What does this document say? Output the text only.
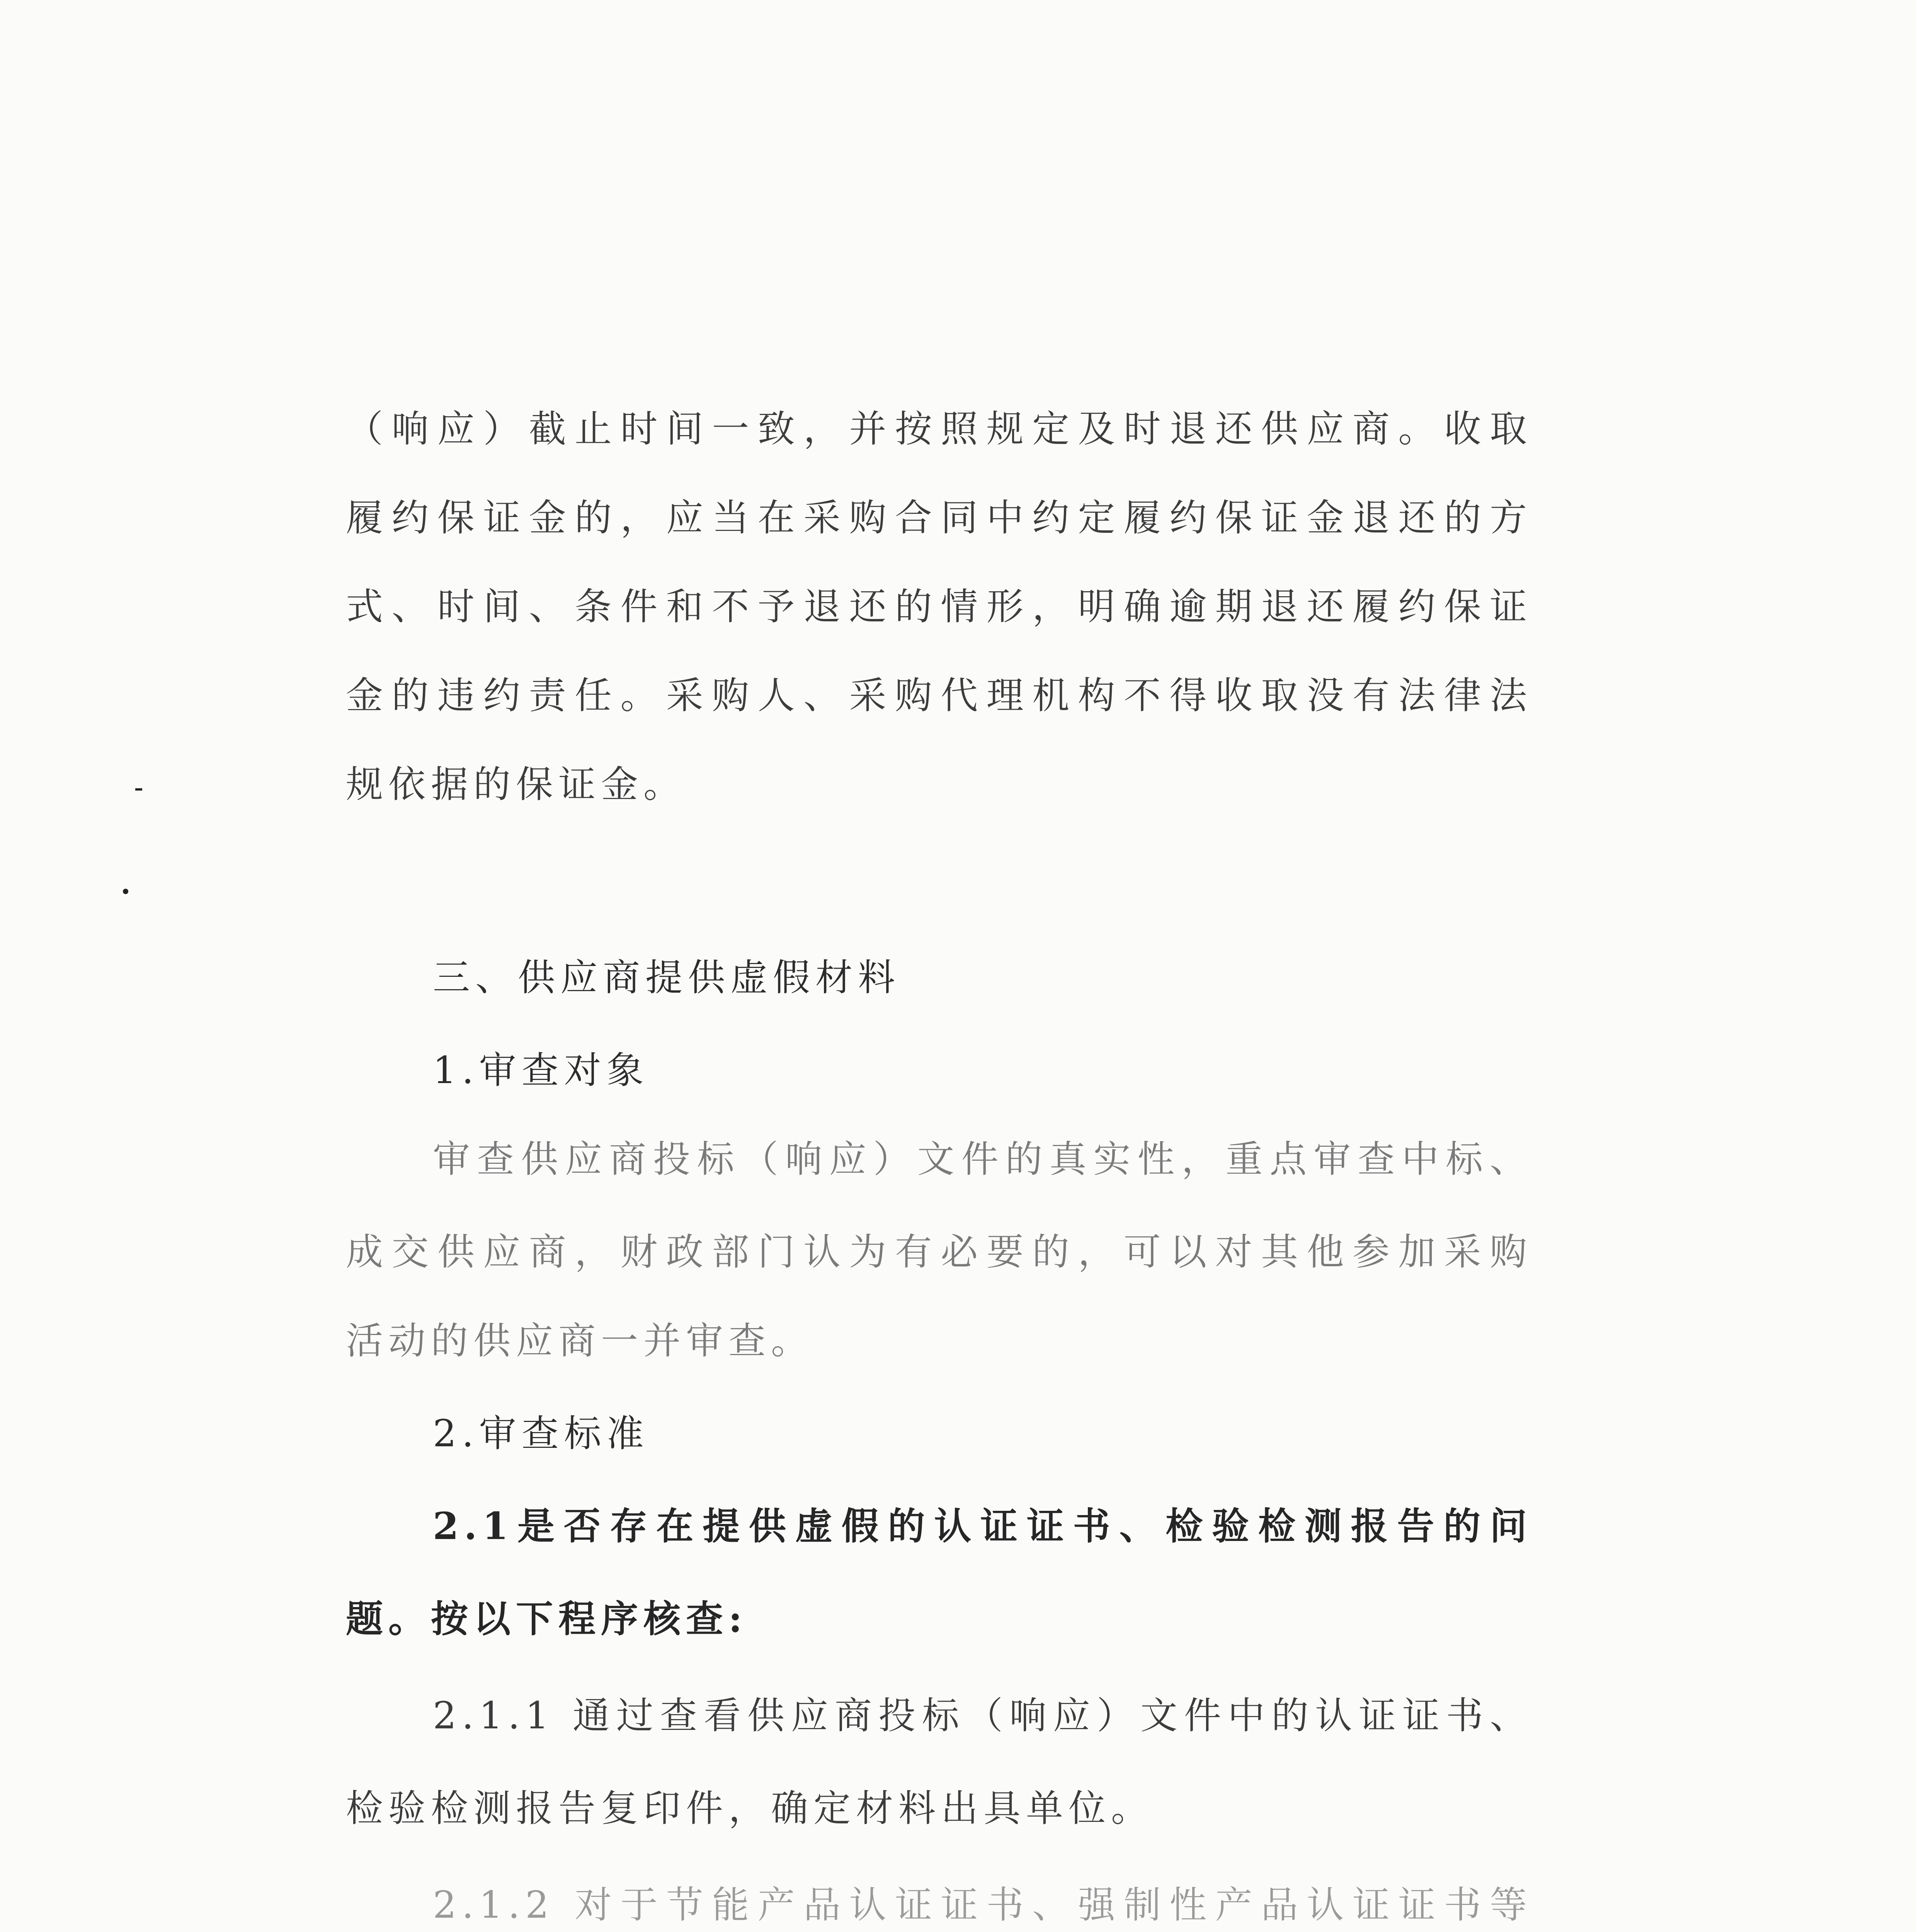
（响应）截止时间一致，并按照规定及时退还供应商。收取
履约保证金的，应当在采购合同中约定履约保证金退还的方
式、时间、条件和不予退还的情形，明确逾期退还履约保证
金的违约责任。采购人、采购代理机构不得收取没有法律法
规依据的保证金。
三、供应商提供虚假材料
1.审查对象
审查供应商投标（响应）文件的真实性，重点审查中标、
成交供应商，财政部门认为有必要的，可以对其他参加采购
活动的供应商一并审查。
2.审查标准
2.1是否存在提供虚假的认证证书、检验检测报告的问
题。按以下程序核查:
2.1.1 通过查看供应商投标（响应）文件中的认证证书、
检验检测报告复印件，确定材料出具单位。
2.1.2 对于节能产品认证证书、强制性产品认证证书等
